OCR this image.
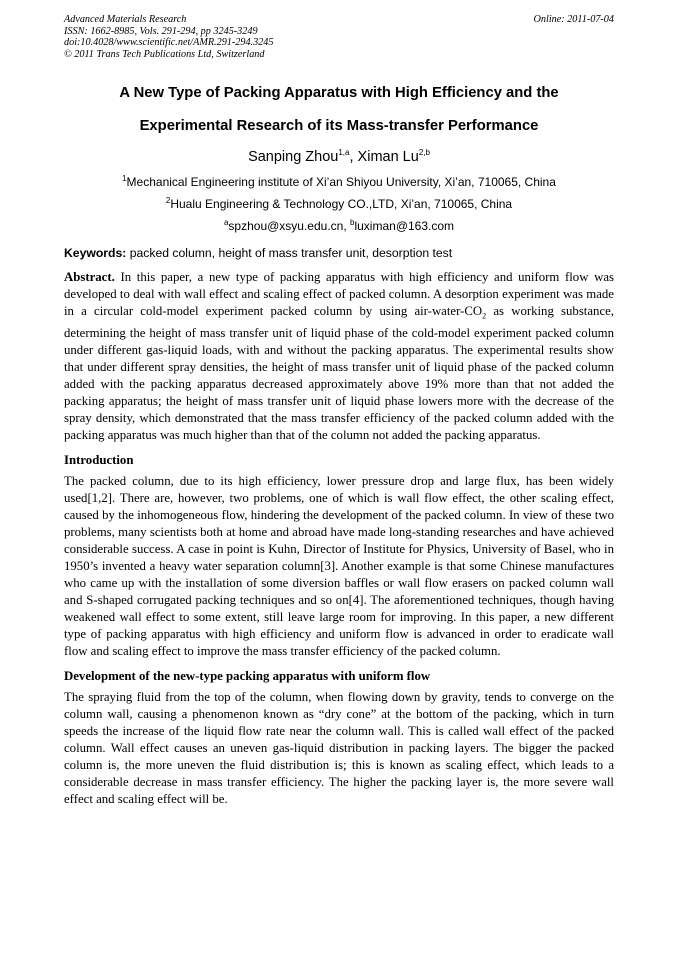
Advanced Materials Research
ISSN: 1662-8985, Vols. 291-294, pp 3245-3249
doi:10.4028/www.scientific.net/AMR.291-294.3245
© 2011 Trans Tech Publications Ltd, Switzerland
Online: 2011-07-04
A New Type of Packing Apparatus with High Efficiency and the
Experimental Research of its Mass-transfer Performance
Sanping Zhou$^{1,a}$, Ximan Lu$^{2,b}$
$^1$Mechanical Engineering institute of Xi’an Shiyou University, Xi’an, 710065, China
$^2$Hualu Engineering & Technology CO.,LTD, Xi’an, 710065, China
$^a$spzhou@xsyu.edu.cn, $^b$luximan@163.com
Keywords: packed column, height of mass transfer unit, desorption test

Abstract. In this paper, a new type of packing apparatus with high efficiency and uniform flow was developed to deal with wall effect and scaling effect of packed column. A desorption experiment was made in a circular cold-model experiment packed column by using air-$water-CO_2$ as working substance, determining the height of mass transfer unit of liquid phase of the cold-model experiment packed column under different gas-liquid loads, with and without the packing apparatus. The experimental results show that under different spray densities, the height of mass transfer unit of liquid phase of the packed column added with the packing apparatus decreased approximately above 19% more than that not added the packing apparatus; the height of mass transfer unit of liquid phase lowers more with the decrease of the spray density, which demonstrated that the mass transfer efficiency of the packed column added with the packing apparatus was much higher than that of the column not added the packing apparatus.

Introduction

The packed column, due to its high efficiency, lower pressure drop and large flux, has been widely used[1,2]. There are, however, two problems, one of which is wall flow effect, the other scaling effect, caused by the inhomogeneous flow, hindering the development of the packed column. In view of these two problems, many scientists both at home and abroad have made long-standing researches and have achieved considerable success. A case in point is Kuhn, Director of Institute for Physics, University of Basel, who in 1950’s invented a heavy water separation column[3]. Another example is that some Chinese manufactures who came up with the installation of some diversion baffles or wall flow erasers on packed column wall and S-shaped corrugated packing techniques and so on[4]. The aforementioned techniques, though having weakened wall effect to some extent, still leave large room for improving. In this paper, a new different type of packing apparatus with high efficiency and uniform flow is advanced in order to eradicate wall flow and scaling effect to improve the mass transfer efficiency of the packed column.

Development of the new-type packing apparatus with uniform flow

The spraying fluid from the top of the column, when flowing down by gravity, tends to converge on the column wall, causing a phenomenon known as “dry cone” at the bottom of the packing, which in turn speeds the increase of the liquid flow rate near the column wall. This is called wall effect of the packed column. Wall effect causes an uneven gas-liquid distribution in packing layers. The bigger the packed column is, the more uneven the fluid distribution is; this is known as scaling effect, which leads to a considerable decrease in mass transfer efficiency. The higher the packing layer is, the more severe wall effect and scaling effect will be.
